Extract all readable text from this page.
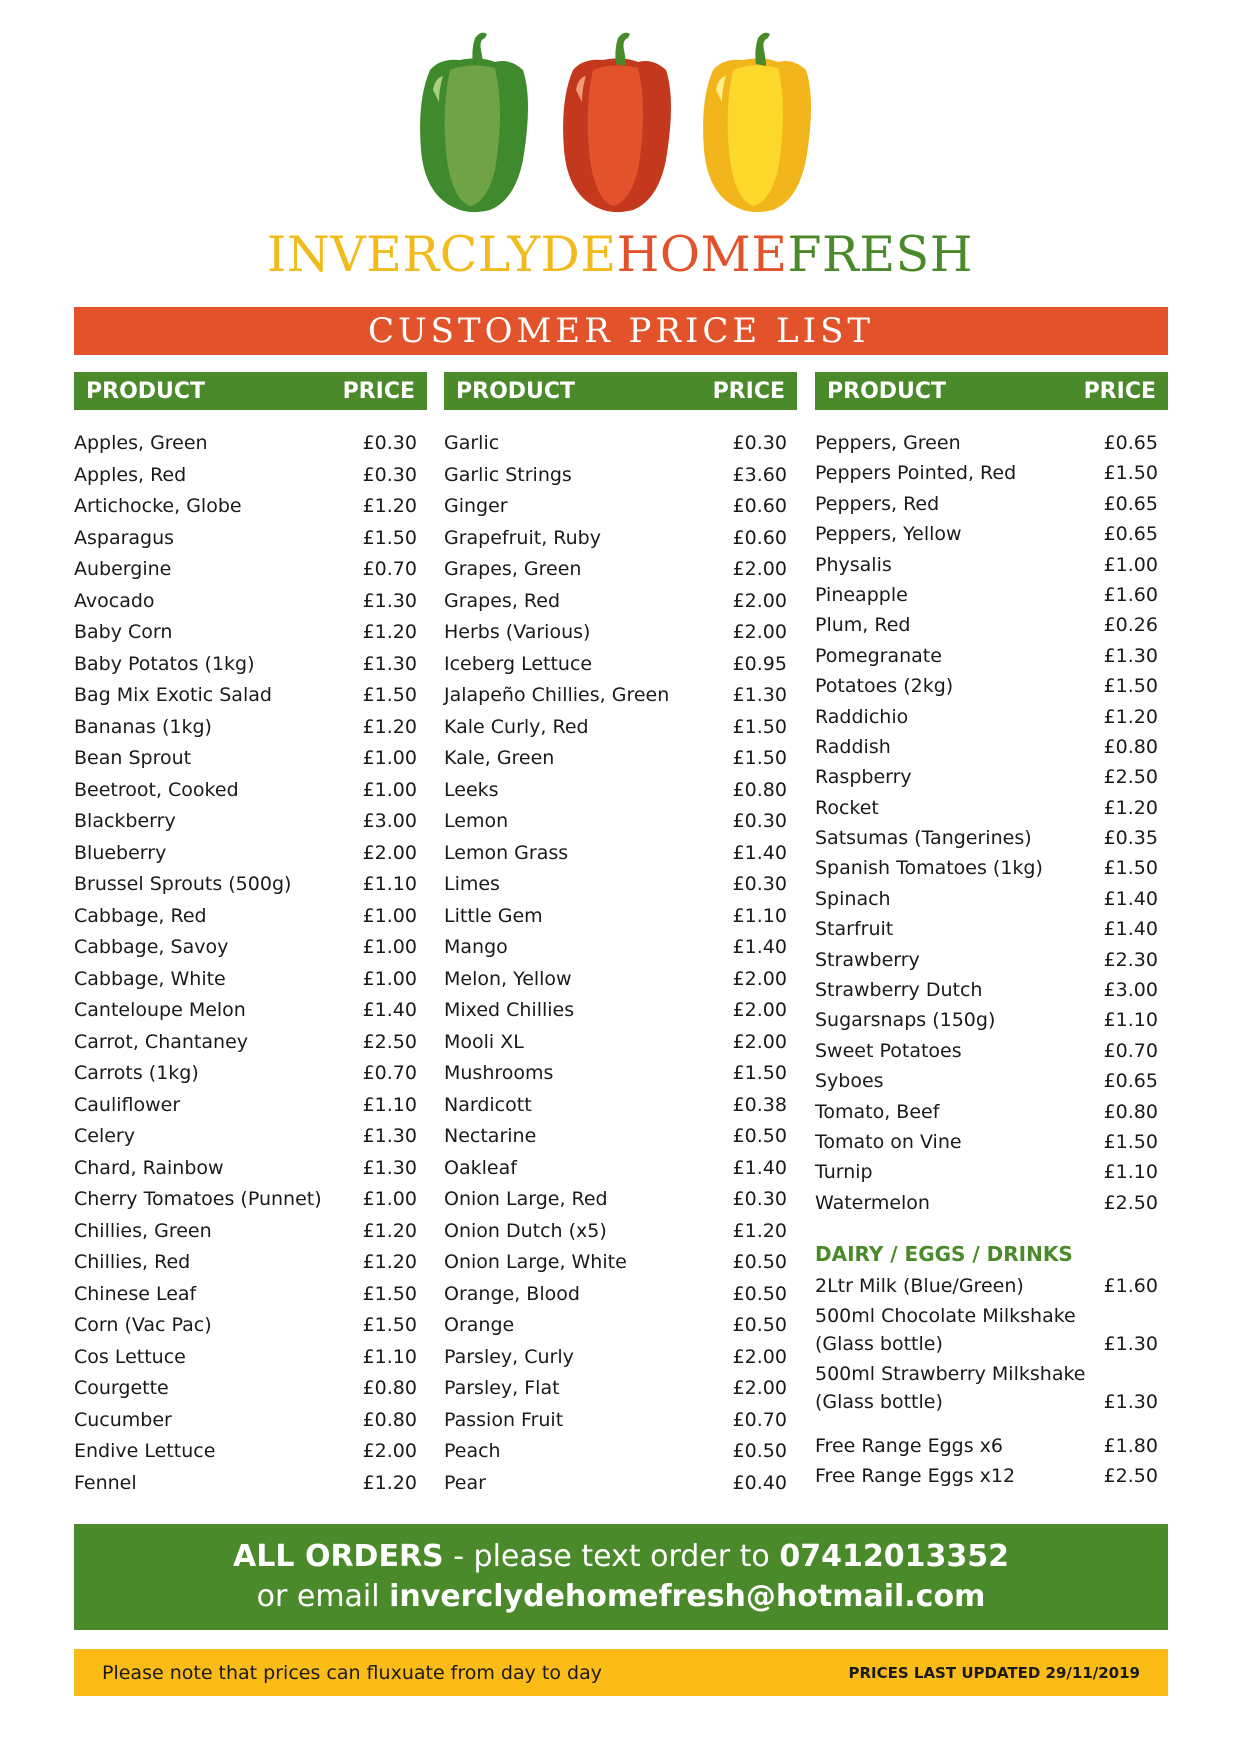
INVERCLYDEHOMEFRESH
CUSTOMER PRICE LIST
PRODUCT	PRICE
Apples, Green	£0.30
Apples, Red	£0.30
Artichocke, Globe	£1.20
Asparagus	£1.50
Aubergine	£0.70
Avocado	£1.30
Baby Corn	£1.20
Baby Potatos (1kg)	£1.30
Bag Mix Exotic Salad	£1.50
Bananas (1kg)	£1.20
Bean Sprout	£1.00
Beetroot, Cooked	£1.00
Blackberry	£3.00
Blueberry	£2.00
Brussel Sprouts (500g)	£1.10
Cabbage, Red	£1.00
Cabbage, Savoy	£1.00
Cabbage, White	£1.00
Canteloupe Melon	£1.40
Carrot, Chantaney	£2.50
Carrots (1kg)	£0.70
Cauliflower	£1.10
Celery	£1.30
Chard, Rainbow	£1.30
Cherry Tomatoes (Punnet) £1.00
Chillies, Green	£1.20
Chillies, Red	£1.20
Chinese Leaf	£1.50
Corn (Vac Pac)	£1.50
Cos Lettuce	£1.10
Courgette	£0.80
Cucumber	£0.80
Endive Lettuce	£2.00
Fennel	£1.20
PRODUCT	PRICE
Garlic	£0.30
Garlic Strings	£3.60
Ginger	£0.60
Grapefruit, Ruby	£0.60
Grapes, Green	£2.00
Grapes, Red	£2.00
Herbs (Various)	£2.00
Iceberg Lettuce	£0.95
Jalapeño Chillies, Green	£1.30
Kale Curly, Red	£1.50
Kale, Green	£1.50
Leeks	£0.80
Lemon	£0.30
Lemon Grass	£1.40
Limes	£0.30
Little Gem	£1.10
Mango	£1.40
Melon, Yellow	£2.00
Mixed Chillies	£2.00
Mooli XL	£2.00
Mushrooms	£1.50
Nardicott	£0.38
Nectarine	£0.50
Oakleaf	£1.40
Onion Large, Red	£0.30
Onion Dutch (x5)	£1.20
Onion Large, White	£0.50
Orange, Blood	£0.50
Orange	£0.50
Parsley, Curly	£2.00
Parsley, Flat	£2.00
Passion Fruit	£0.70
Peach	£0.50
Pear	£0.40
PRODUCT	PRICE
Peppers, Green	£0.65
Peppers Pointed, Red	£1.50
Peppers, Red	£0.65
Peppers, Yellow	£0.65
Physalis	£1.00
Pineapple	£1.60
Plum, Red	£0.26
Pomegranate	£1.30
Potatoes (2kg)	£1.50
Raddichio	£1.20
Raddish	£0.80
Raspberry	£2.50
Rocket	£1.20
Satsumas (Tangerines)	£0.35
Spanish Tomatoes (1kg)	£1.50
Spinach	£1.40
Starfruit	£1.40
Strawberry	£2.30
Strawberry Dutch	£3.00
Sugarsnaps (150g)	£1.10
Sweet Potatoes	£0.70
Syboes	£0.65
Tomato, Beef	£0.80
Tomato on Vine	£1.50
Turnip	£1.10
Watermelon	£2.50
DAIRY / EGGS / DRINKS
2Ltr Milk (Blue/Green)	£1.60
500ml Chocolate Milkshake
(Glass bottle)	£1.30
500ml Strawberry Milkshake
(Glass bottle)	£1.30
Free Range Eggs x6	£1.80
Free Range Eggs x12	£2.50
ALL ORDERS - please text order to 07412013352
or email inverclydehomefresh@hotmail.com
Please note that prices can fluxuate from day to day	PRICES LAST UPDATED 29/11/2019
